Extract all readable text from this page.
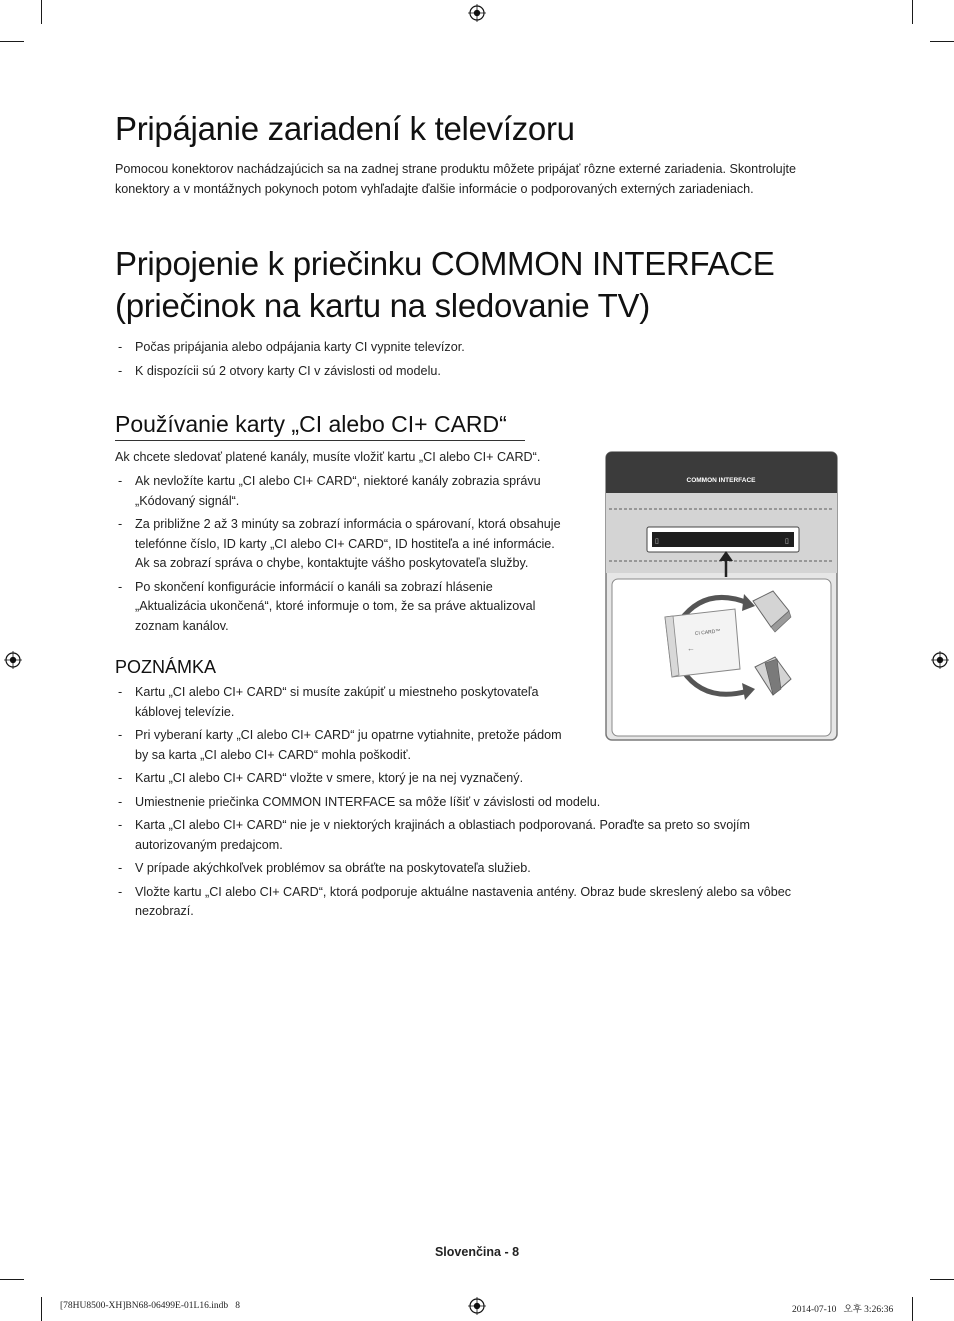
Pripájanie zariadení k televízoru

Pomocou konektorov nachádzajúcich sa na zadnej strane produktu môžete pripájať rôzne externé zariadenia. Skontrolujte

konektory a v montážnych pokynoch potom vyhľadajte ďalšie informácie o podporovaných externých zariadeniach.

Pripojenie k priečinku COMMON INTERFACE
(priečinok na kartu na sledovanie TV)
- Počas pripájania alebo odpájania karty CI vypnite televízor.
- K dispozícii sú 2 otvory karty CI v závislosti od modelu.
Používanie karty „CI alebo CI+ CARD“

Ak chcete sledovať platené kanály, musíte vložiť kartu „CI alebo CI+ CARD“.

- Ak nevložíte kartu „CI alebo CI+ CARD“, niektoré kanály zobrazia správu
„Kódovaný signál“.
- Za približne 2 až 3 minúty sa zobrazí informácia o spárovaní, ktorá obsahuje
telefónne číslo, ID karty „CI alebo CI+ CARD“, ID hostiteľa a iné informácie.
Ak sa zobrazí správa o chybe, kontaktujte vášho poskytovateľa služby.
- Po skončení konfigurácie informácií o kanáli sa zobrazí hlásenie
„Aktualizácia ukončená“, ktoré informuje o tom, že sa práve aktualizoval
zoznam kanálov.
POZNÁMKA
- Kartu „CI alebo CI+ CARD“ si musíte zakúpiť u miestneho poskytovateľa
káblovej televízie.
- Pri vyberaní karty „CI alebo CI+ CARD“ ju opatrne vytiahnite, pretože pádom
by sa karta „CI alebo CI+ CARD“ mohla poškodiť.
- Kartu „CI alebo CI+ CARD“ vložte v smere, ktorý je na nej vyznačený.
- Umiestnenie priečinka COMMON INTERFACE sa môže líšiť v závislosti od modelu.
- Karta „CI alebo CI+ CARD“ nie je v niektorých krajinách a oblastiach podporovaná. Poraďte sa preto so svojím
autorizovaným predajcom.
- V prípade akýchkoľvek problémov sa obráťte na poskytovateľa služieb.
- Vložte kartu „CI alebo CI+ CARD“, ktorá podporuje aktuálne nastavenia antény. Obraz bude skreslený alebo sa vôbec
nezobrazí.
COMMON INTERFACE
▯	▯
CI CARD™
←
Slovenčina - 8
[78HU8500-XH]BN68-06499E-01L16.indb   8	2014-07-10   오후 3:26:36
